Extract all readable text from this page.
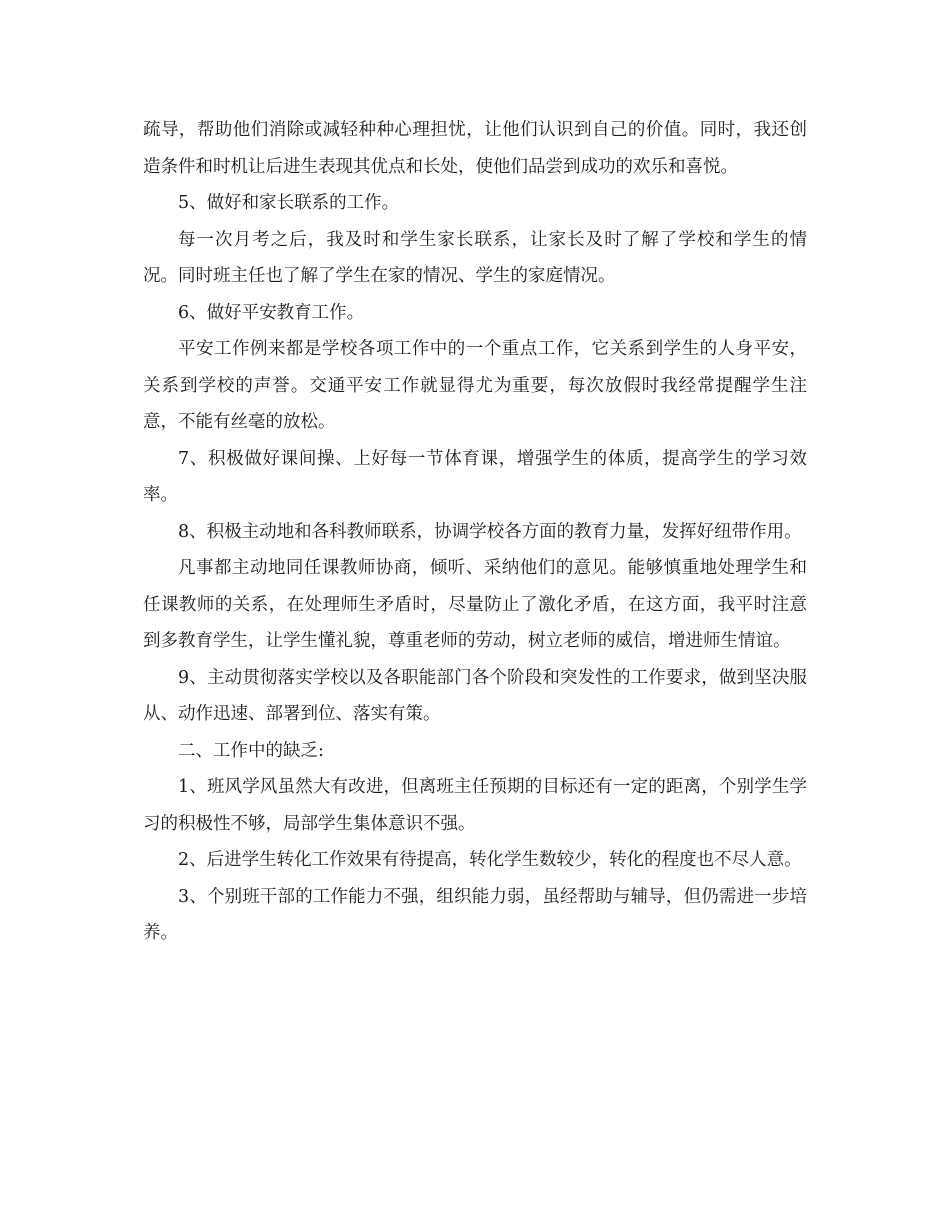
疏导，帮助他们消除或减轻种种心理担忧，让他们认识到自己的价值。同时，我还创造条件和时机让后进生表现其优点和长处，使他们品尝到成功的欢乐和喜悦。

5、做好和家长联系的工作。

每一次月考之后，我及时和学生家长联系，让家长及时了解了学校和学生的情况。同时班主任也了解了学生在家的情况、学生的家庭情况。

6、做好平安教育工作。

平安工作例来都是学校各项工作中的一个重点工作，它关系到学生的人身平安，关系到学校的声誉。交通平安工作就显得尤为重要，每次放假时我经常提醒学生注意，不能有丝毫的放松。

7、积极做好课间操、上好每一节体育课，增强学生的体质，提高学生的学习效率。

8、积极主动地和各科教师联系，协调学校各方面的教育力量，发挥好纽带作用。

凡事都主动地同任课教师协商，倾听、采纳他们的意见。能够慎重地处理学生和任课教师的关系，在处理师生矛盾时，尽量防止了激化矛盾，在这方面，我平时注意到多教育学生，让学生懂礼貌，尊重老师的劳动，树立老师的威信，增进师生情谊。

9、主动贯彻落实学校以及各职能部门各个阶段和突发性的工作要求，做到坚决服从、动作迅速、部署到位、落实有策。

二、工作中的缺乏:

1、班风学风虽然大有改进，但离班主任预期的目标还有一定的距离，个别学生学习的积极性不够，局部学生集体意识不强。

2、后进学生转化工作效果有待提高，转化学生数较少，转化的程度也不尽人意。

3、个别班干部的工作能力不强，组织能力弱，虽经帮助与辅导，但仍需进一步培养。
